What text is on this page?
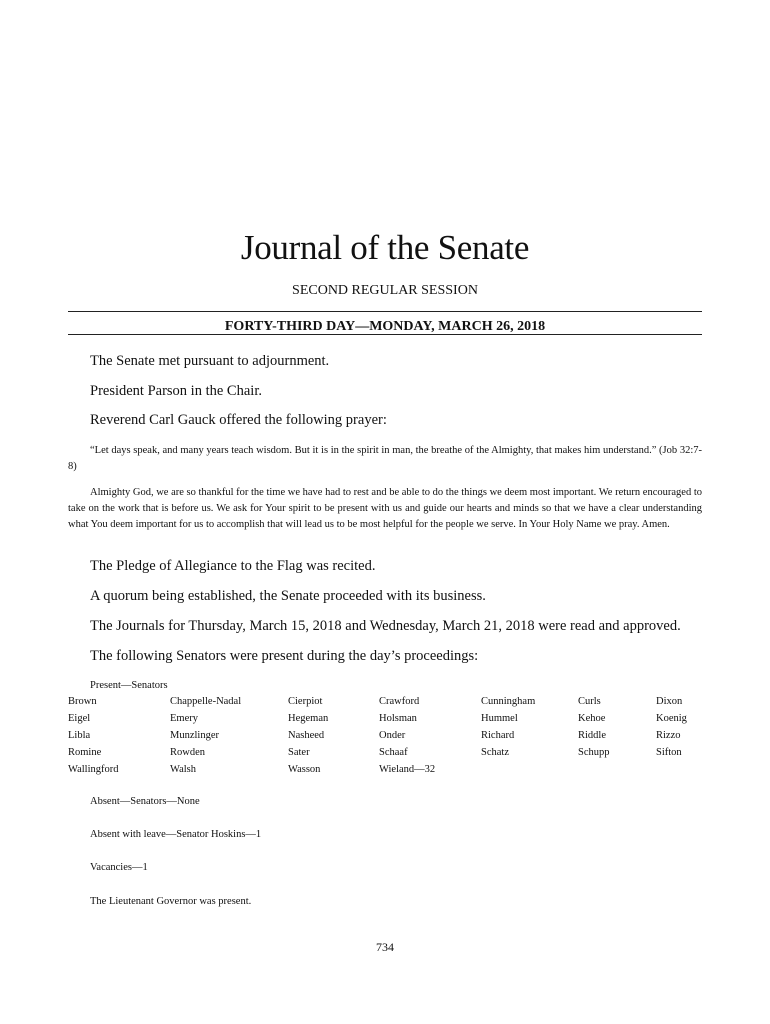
Journal of the Senate
SECOND REGULAR SESSION
FORTY-THIRD DAY—MONDAY, MARCH 26, 2018
The Senate met pursuant to adjournment.
President Parson in the Chair.
Reverend Carl Gauck offered the following prayer:
“Let days speak, and many years teach wisdom. But it is in the spirit in man, the breathe of the Almighty, that makes him understand.” (Job 32:7-8)
Almighty God, we are so thankful for the time we have had to rest and be able to do the things we deem most important. We return encouraged to take on the work that is before us. We ask for Your spirit to be present with us and guide our hearts and minds so that we have a clear understanding what You deem important for us to accomplish that will lead us to be most helpful for the people we serve. In Your Holy Name we pray. Amen.
The Pledge of Allegiance to the Flag was recited.
A quorum being established, the Senate proceeded with its business.
The Journals for Thursday, March 15, 2018 and Wednesday, March 21, 2018 were read and approved.
The following Senators were present during the day’s proceedings:
Present—Senators
Brown	Chappelle-Nadal	Cierpiot	Crawford	Cunningham	Curls	Dixon
Eigel	Emery	Hegeman	Holsman	Hummel	Kehoe	Koenig
Libla	Munzlinger	Nasheed	Onder	Richard	Riddle	Rizzo
Romine	Rowden	Sater	Schaaf	Schatz	Schupp	Sifton
Wallingford	Walsh	Wasson	Wieland—32
Absent—Senators—None
Absent with leave—Senator Hoskins—1
Vacancies—1
The Lieutenant Governor was present.
734
